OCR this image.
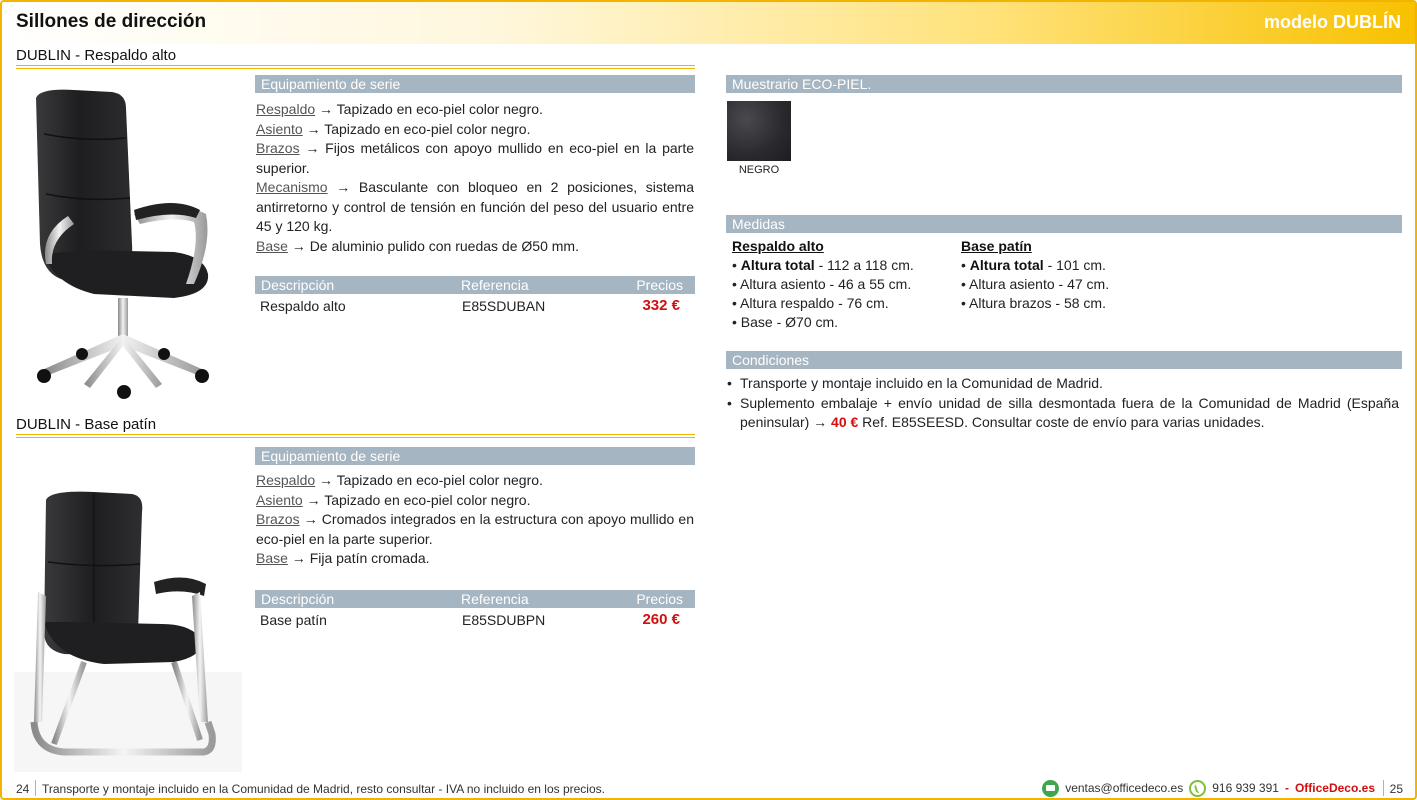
Sillones de dirección	modelo DUBLÍN
DUBLIN - Respaldo alto
Equipamiento de serie
Respaldo → Tapizado en eco-piel color negro.
Asiento → Tapizado en eco-piel color negro.
Brazos → Fijos metálicos con apoyo mullido en eco-piel en la parte superior.
Mecanismo → Basculante con bloqueo en 2 posiciones, sistema antirretorno y control de tensión en función del peso del usuario entre 45 y 120 kg.
Base → De aluminio pulido con ruedas de Ø50 mm.
Descripción	Referencia	Precios
Respaldo alto	E85SDUBAN	332 €
DUBLIN - Base patín
Equipamiento de serie
Respaldo → Tapizado en eco-piel color negro.
Asiento → Tapizado en eco-piel color negro.
Brazos → Cromados integrados en la estructura con apoyo mullido en eco-piel en la parte superior.
Base → Fija patín cromada.
Descripción	Referencia	Precios
Base patín	E85SDUBPN	260 €
Muestrario ECO-PIEL.
NEGRO
Medidas
Respaldo alto
• Altura total - 112 a 118 cm.
• Altura asiento - 46 a 55 cm.
• Altura respaldo - 76 cm.
• Base - Ø70 cm.
Base patín
• Altura total - 101 cm.
• Altura asiento - 47 cm.
• Altura brazos - 58 cm.
Condiciones
• Transporte y montaje incluido en la Comunidad de Madrid.
• Suplemento embalaje + envío unidad de silla desmontada fuera de la Comunidad de Madrid (España peninsular) → 40 € Ref. E85SEESD. Consultar coste de envío para varias unidades.
24 Transporte y montaje incluido en la Comunidad de Madrid, resto consultar - IVA no incluido en los precios.	ventas@officedeco.es 916 939 391 - OfficeDeco.es 25
